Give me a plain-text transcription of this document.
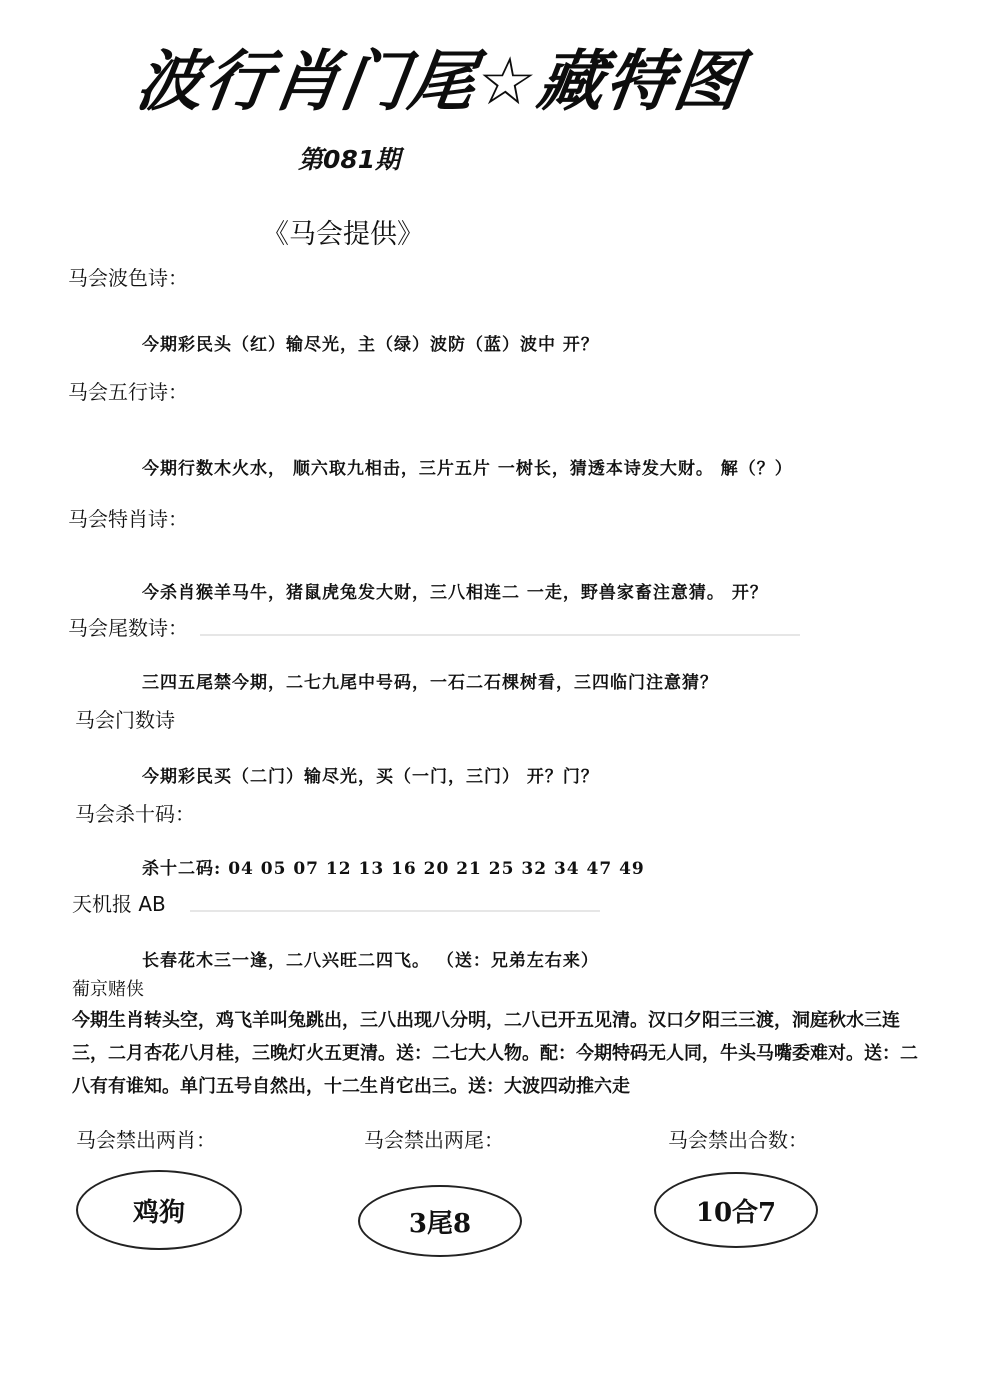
波行肖门尾☆藏特图
第081期
《马会提供》
马会波色诗：
今期彩民头（红）输尽光，主（绿）波防（蓝）波中 开？
马会五行诗：
今期行数木火水， 顺六取九相击，三片五片 一树长，猜透本诗发大财。 解（？）
马会特肖诗：
今杀肖猴羊马牛，猪鼠虎兔发大财，三八相连二 一走，野兽家畜注意猜。 开？
马会尾数诗：
三四五尾禁今期，二七九尾中号码，一石二石棵树看，三四临门注意猜？
马会门数诗
今期彩民买（二门）输尽光，买（一门，三门） 开？门？
马会杀十码：
杀十二码: 04 05 07 12 13 16 20 21 25 32 34 47 49
天机报 AB
长春花木三一逢，二八兴旺二四飞。 （送：兄弟左右来）
葡京赌侠
今期生肖转头空，鸡飞羊叫兔跳出，三八出现八分明，二八已开五见清。汉口夕阳三三渡，洞庭秋水三连三，二月杏花八月桂，三晚灯火五更清。送：二七大人物。配：今期特码无人同，牛头马嘴委难对。送：二八有有谁知。单门五号自然出，十二生肖它出三。送：大波四动推六走
马会禁出两肖：	马会禁出两尾：	马会禁出合数：
鸡狗	3尾8	10合7
